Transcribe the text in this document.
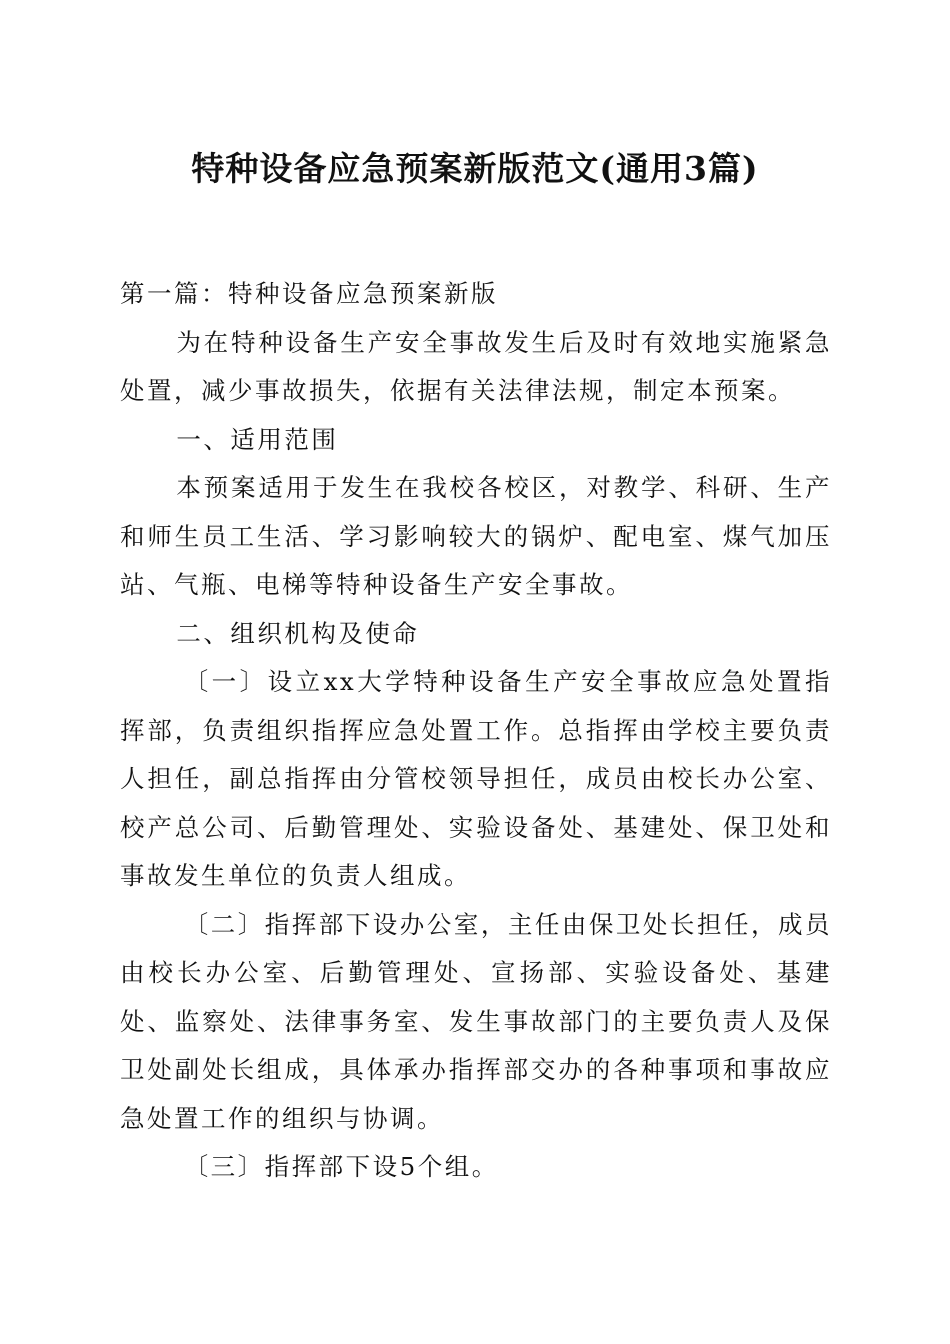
特种设备应急预案新版范文(通用3篇)

第一篇：特种设备应急预案新版

为在特种设备生产安全事故发生后及时有效地实施紧急处置，减少事故损失，依据有关法律法规，制定本预案。

一、适用范围

本预案适用于发生在我校各校区，对教学、科研、生产和师生员工生活、学习影响较大的锅炉、配电室、煤气加压站、气瓶、电梯等特种设备生产安全事故。

二、组织机构及使命

〔一〕设立xx大学特种设备生产安全事故应急处置指挥部，负责组织指挥应急处置工作。总指挥由学校主要负责人担任，副总指挥由分管校领导担任，成员由校长办公室、校产总公司、后勤管理处、实验设备处、基建处、保卫处和事故发生单位的负责人组成。

〔二〕指挥部下设办公室，主任由保卫处长担任，成员由校长办公室、后勤管理处、宣扬部、实验设备处、基建处、监察处、法律事务室、发生事故部门的主要负责人及保卫处副处长组成，具体承办指挥部交办的各种事项和事故应急处置工作的组织与协调。

〔三〕指挥部下设5个组。
